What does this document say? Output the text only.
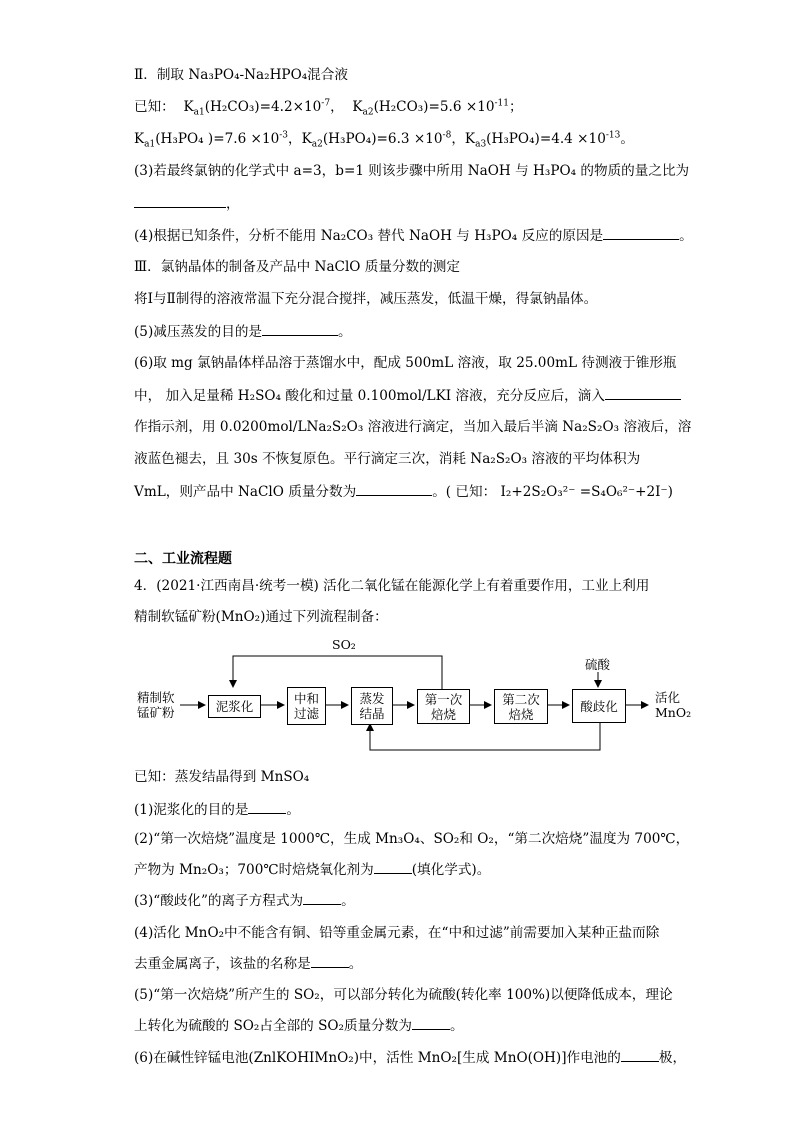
Ⅱ．制取 Na₃PO₄-Na₂HPO₄混合液
已知： $K_{a1}(H_2CO_3)=4.2\times 10^{-7}$，  $K_{a2}(H_2CO_3)=5.6 \times 10^{-11}$；
$K_{a1}(H_3PO_4$ )$=7.6 \times 10^{-3}$，$K_{a2}(H_3PO_4)=6.3 \times 10^{-8}$，$K_{a3}(H_3PO_4)=4.4 \times 10^{-13}$。
(3)若最终氯钠的化学式中 a=3，b=1 则该步骤中所用 NaOH 与 H₃PO₄ 的物质的量之比为
，
(4)根据已知条件，分析不能用 Na₂CO₃ 替代 NaOH 与 H₃PO₄ 反应的原因是	。
Ⅲ．氯钠晶体的制备及产品中 NaClO 质量分数的测定
将Ⅰ与Ⅱ制得的溶液常温下充分混合搅拌，减压蒸发，低温干燥，得氯钠晶体。
(5)减压蒸发的目的是	。
(6)取 mg 氯钠晶体样品溶于蒸馏水中，配成 500mL 溶液，取 25.00mL 待测液于锥形瓶
中， 加入足量稀 H₂SO₄ 酸化和过量 0.100mol/LKI 溶液，充分反应后，滴入
作指示剂，用 0.0200mol/LNa₂S₂O₃ 溶液进行滴定，当加入最后半滴 Na₂S₂O₃ 溶液后，溶
液蓝色褪去，且 30s 不恢复原色。平行滴定三次，消耗 Na₂S₂O₃ 溶液的平均体积为
VmL，则产品中 NaClO 质量分数为	。( 已知： I₂+2S₂O₃²⁻ =S₄O₆²⁻+2I⁻)
二、工业流程题
4．(2021·江西南昌·统考一模) 活化二氧化锰在能源化学上有着重要作用，工业上利用
精制软锰矿粉(MnO₂)通过下列流程制备：
SO₂
硫酸
精制软
锰矿粉
活化
MnO₂
泥浆化
中和
过滤
蒸发
结晶
第一次
焙烧
第二次
焙烧
酸歧化
已知：蒸发结晶得到 MnSO₄
(1)泥浆化的目的是	。
(2)“第一次焙烧”温度是 1000℃，生成 Mn₃O₄、SO₂和 O₂，“第二次焙烧”温度为 700℃，
产物为 Mn₂O₃；700℃时焙烧氧化剂为	(填化学式)。
(3)“酸歧化”的离子方程式为	。
(4)活化 MnO₂中不能含有铜、铅等重金属元素，在“中和过滤”前需要加入某种正盐而除
去重金属离子，该盐的名称是	。
(5)“第一次焙烧”所产生的 SO₂，可以部分转化为硫酸(转化率 100%)以便降低成本，理论
上转化为硫酸的 SO₂占全部的 SO₂质量分数为	。
(6)在碱性锌锰电池(ZnlKOHIMnO₂)中，活性 MnO₂[生成 MnO(OH)]作电池的	极，
